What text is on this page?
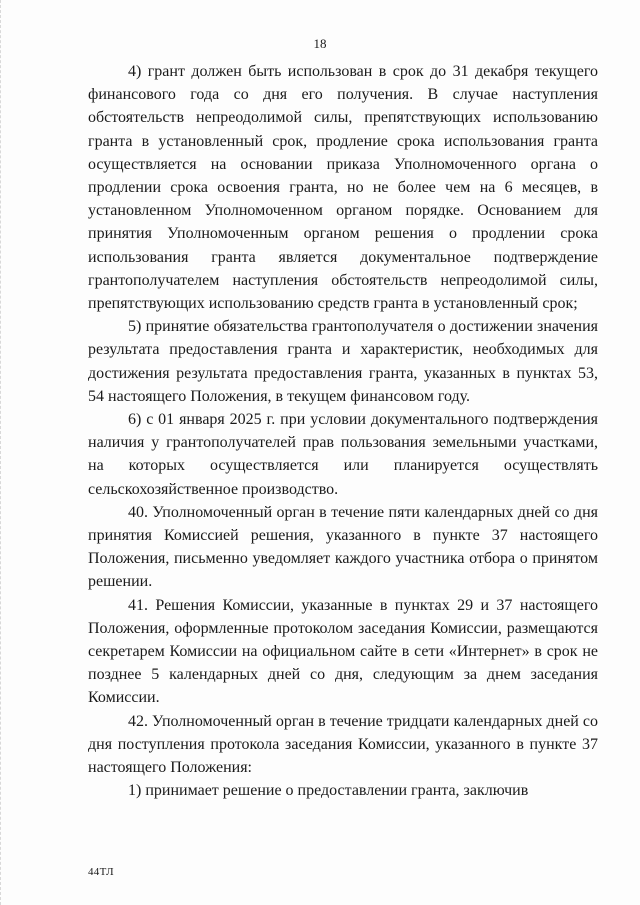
18

4) грант должен быть использован в срок до 31 декабря текущего финансового года со дня его получения. В случае наступления обстоятельств непреодолимой силы, препятствующих использованию гранта в установленный срок, продление срока использования гранта осуществляется на основании приказа Уполномоченного органа о продлении срока освоения гранта, но не более чем на 6 месяцев, в установленном Уполномоченном органом порядке. Основанием для принятия Уполномоченным органом решения о продлении срока использования гранта является документальное подтверждение грантополучателем наступления обстоятельств непреодолимой силы, препятствующих использованию средств гранта в установленный срок;

5) принятие обязательства грантополучателя о достижении значения результата предоставления гранта и характеристик, необходимых для достижения результата предоставления гранта, указанных в пунктах 53, 54 настоящего Положения, в текущем финансовом году.

6) с 01 января 2025 г. при условии документального подтверждения наличия у грантополучателей прав пользования земельными участками, на которых осуществляется или планируется осуществлять сельскохозяйственное производство.

40. Уполномоченный орган в течение пяти календарных дней со дня принятия Комиссией решения, указанного в пункте 37 настоящего Положения, письменно уведомляет каждого участника отбора о принятом решении.

41. Решения Комиссии, указанные в пунктах 29 и 37 настоящего Положения, оформленные протоколом заседания Комиссии, размещаются секретарем Комиссии на официальном сайте в сети «Интернет» в срок не позднее 5 календарных дней со дня, следующим за днем заседания Комиссии.

42. Уполномоченный орган в течение тридцати календарных дней со дня поступления протокола заседания Комиссии, указанного в пункте 37 настоящего Положения:

1) принимает решение о предоставлении гранта, заключив

44ТЛ
